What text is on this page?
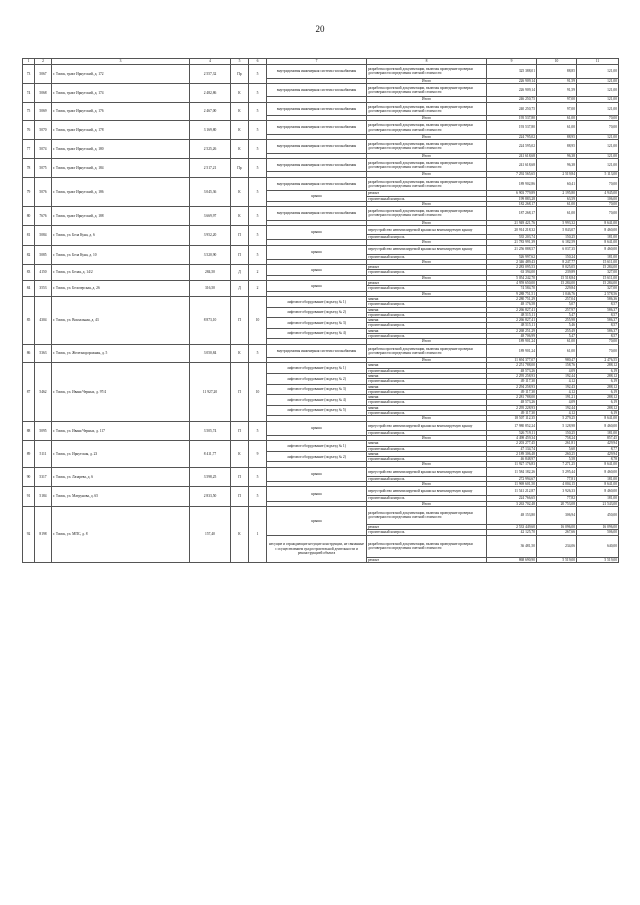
20
1	2	3	4	5	6	7	8	9	10	11
73	5067	г. Томск, тракт Иркутский, д. 172	2 557,32	Пр	5	внутридомовая инженерная система газоснабжения	разработка проектной документации, включая проведение проверки достоверности определения сметной стоимости	325 388,01	88,85	121,00
							Итого	226 909,14	91,59	121,00
74	5068	г. Томск, тракт Иркутский, д. 174	2 482,86	К	5	внутридомовая инженерная система газоснабжения	разработка проектной документации, включая проведение проверки достоверности определения сметной стоимости	226 909,14	91,59	121,00
							Итого	246 250,75	97,00	121,00
75	5069	г. Томск, тракт Иркутский, д. 176	2 467,00	К	5	внутридомовая инженерная система газоснабжения	разработка проектной документации, включая проведение проверки достоверности определения сметной стоимости	240 250,75	97,00	121,00
							Итого	195 537,80	61,00	70,00
76	5070	г. Томск, тракт Иркутский, д. 178	3 169,80	К	5	внутридомовая инженерная система газоснабжения	разработка проектной документации, включая проведение проверки достоверности определения сметной стоимости	193 537,80	61,00	70,00
							Итого	224 795,02	88,95	121,00
77	5074	г. Томск, тракт Иркутский, д. 180	2 525,26	К	5	внутридомовая инженерная система газоснабжения	разработка проектной документации, включая проведение проверки достоверности определения сметной стоимости	224 595,02	88,95	121,00
							Итого	241 618,68	96,38	121,00
78	5075	г. Томск, тракт Иркутский, д. 184	2 517,21	Пр	5	внутридомовая инженерная система газоснабжения	разработка проектной документации, включая проведение проверки достоверности определения сметной стоимости	241 618,68	96,38	121,00
							Итого	7 292 565,65	2 519,84	5 113,00
79	5076	г. Томск, тракт Иркутский, д. 186	3 045,36	К	5	внутридомовая инженерная система газоснабжения	разработка проектной документации, включая проведение проверки достоверности определения сметной стоимости	189 902,86	60,41	70,00
						крыша	ремонт	6 903 779,89	2 195,80	4 945,00
							строительный контроль	199 883,28	63,59	106,00
							Итого	182 268,17	61,00	70,00
80	7676	г. Томск, тракт Иркутский, д. 188	3 669,97	К	5	внутридомовая инженерная система газоснабжения	разработка проектной документации, включая проведение проверки достоверности определения сметной стоимости	187 268,17	61,00	70,00
							Итого	21 949 421,76	5 993,32	8 641,00
81	5084	г. Томск, ул. Бела Куна, д. 6	3 952,20	П	5	крыша	переустройство невентилируемой крыши на вентилируемую крышу	20 914 218,32	5 843,07	8 460,00
							строительный контроль	535 203,74	150,25	181,00
							Итого	21 783 991,39	6 182,59	8 641,00
82	5085	г. Томск, ул. Бела Куна, д. 10	3 520,90	П	5	крыша	переустройство невентилируемой крыши на вентилируемую крышу	21 256 888,57	6 037,35	8 460,00
							строительный контроль	526 997,62	150,24	181,00
							Итого	2 346 489,43	8 247,77	15 611,00
83	4150	г. Томск, ул. Белая, д. 14/2	284,50	Д	2	крыша	ремонт	2 283 095,53	8 025,05	15 284,00
							строительный контроль	63 394,00	239,89	327,00
							Итого	5 054 242,70	15 518,84	15 611,00
84	3553	г. Томск, ул. Белозерская, д. 26	316,50	Д	2	крыша	ремонт	4 959 650,00	15 284,00	15 284,00
							строительный контроль	74 584,70	229,84	327,00
							Итого	9 288 751,51	1 046,76	2 578,56
85	4304	г. Томск, ул. Вокзальная, д. 43	8 873,10	П	10	лифтовое оборудование (подъезд № 1)	замена	2 280 751,29	257,04	586,36
							строительный контроль	48 176,58	5,07	8,57
						лифтовое оборудование (подъезд № 2)	замена	2 266 827,41	257,97	586,37
							строительный контроль	48 515,11	5,47	8,57
						лифтовое оборудование (подъезд № 3)	замена	2 266 827,41	255,98	586,37
							строительный контроль	48 515,11	5,46	8,57
						лифтовое оборудование (подъезд № 4)	замена	2 268 251,29	255,49	586,37
							строительный контроль	48 706,99	5,47	8,57
							Итого	189 901,24	61,00	70,00
86	5363	г. Томск, ул. Железнодорожная, д. 5	3 050,84	К	5	внутридомовая инженерная система газоснабжения	разработка проектной документации, включая проведение проверки достоверности определения сметной стоимости	189 901,24	61,00	70,00
							Итого	11 694 377,07	980,47	2 476,55
87	5462	г. Томск, ул. Ивана Черных, д. 97/4	11 927,20	П	10	лифтовое оборудование (подъезд № 1)	замена	2 251 788,00	158,76	288,12
							строительный контроль	48 573,26	4,09	6,19
						лифтовое оборудование (подъезд № 2)	замена	2 295 258,93	192,44	288,12
							строительный контроль	49 117,30	4,12	6,19
						лифтовое оборудование (подъезд № 3)	замена	2 294 258,93	192,43	288,12
							строительный контроль	49 117,30	4,12	6,19
						лифтовое оборудование (подъезд № 4)	замена	2 281 788,00	191,21	288,12
							строительный контроль	48 573,26	4,09	6,19
						лифтовое оборудование (подъезд № 5)	замена	2 295 228,93	192,44	288,12
							строительный контроль	49 117,30	4,12	6,19
							Итого	18 507 112,35	5 279,25	8 641,00
88	5095	г. Томск, ул. Ивана Черных, д. 117	3 505,74	П	5	крыша	переустройство невентилируемой крыши на вентилируемую крышу	17 980 852,24	5 128,98	8 460,00
							строительный контроль	526 719,11	150,25	181,00
							Итого	4 498 459,34	758,24	857,45
89	5111	г. Томск, ул. Иркутская, д. 23	8 411,77	К	9	лифтовое оборудование (подъезд № 1)	замена	2 203 277,45	261,81	429,94
							строительный контроль	47 134,74	5,60	8,77
						лифтовое оборудование (подъезд № 2)	замена	2 189 306,48	260,25	429,94
							строительный контроль	46 848,97	5,58	8,78
							Итого	11 927 176,83	7 271,25	8 641,00
90	5317	г. Томск, ул. Лазарева, д. 6	3 598,25	П	5	крыша	переустройство невентилируемой крыши на вентилируемую крышу	11 584 182,26	5 295,44	8 460,00
							строительный контроль	272 994,67	77,81	181,00
							Итого	11 969 601,50	4 004,15	8 641,00
91	5184	г. Томск, ул. Матрунова, д. 65	2 833,50	П	5	крыша	переустройство невентилируемой крыши на вентилируемую крышу	11 541 212,87	3 926,33	8 460,00
							строительный контроль	224 766,65	77,82	181,00
							Итого	3 263 702,48	20 753,08	21 543,00
92	8198	г. Томск, ул. МПС, д. 8	157,40	К	1	крыша	разработка проектной документации, включая проведение проверки достоверности определения сметной стоимости	48 153,80	306,94	450,00
							ремонт	2 533 449,60	16 096,00	16 096,00
							строительный контроль	42 125,70	267,66	506,00
						несущие и ограждающие несущие конструкции, не связанные с осуществлением градостроительной деятельности и реконструкцией объекта	разработка проектной документации, включая проведение проверки достоверности определения сметной стоимости	36 481,50	234,06	640,00
							ремонт	868 690,90	5 519,00	5 519,00
